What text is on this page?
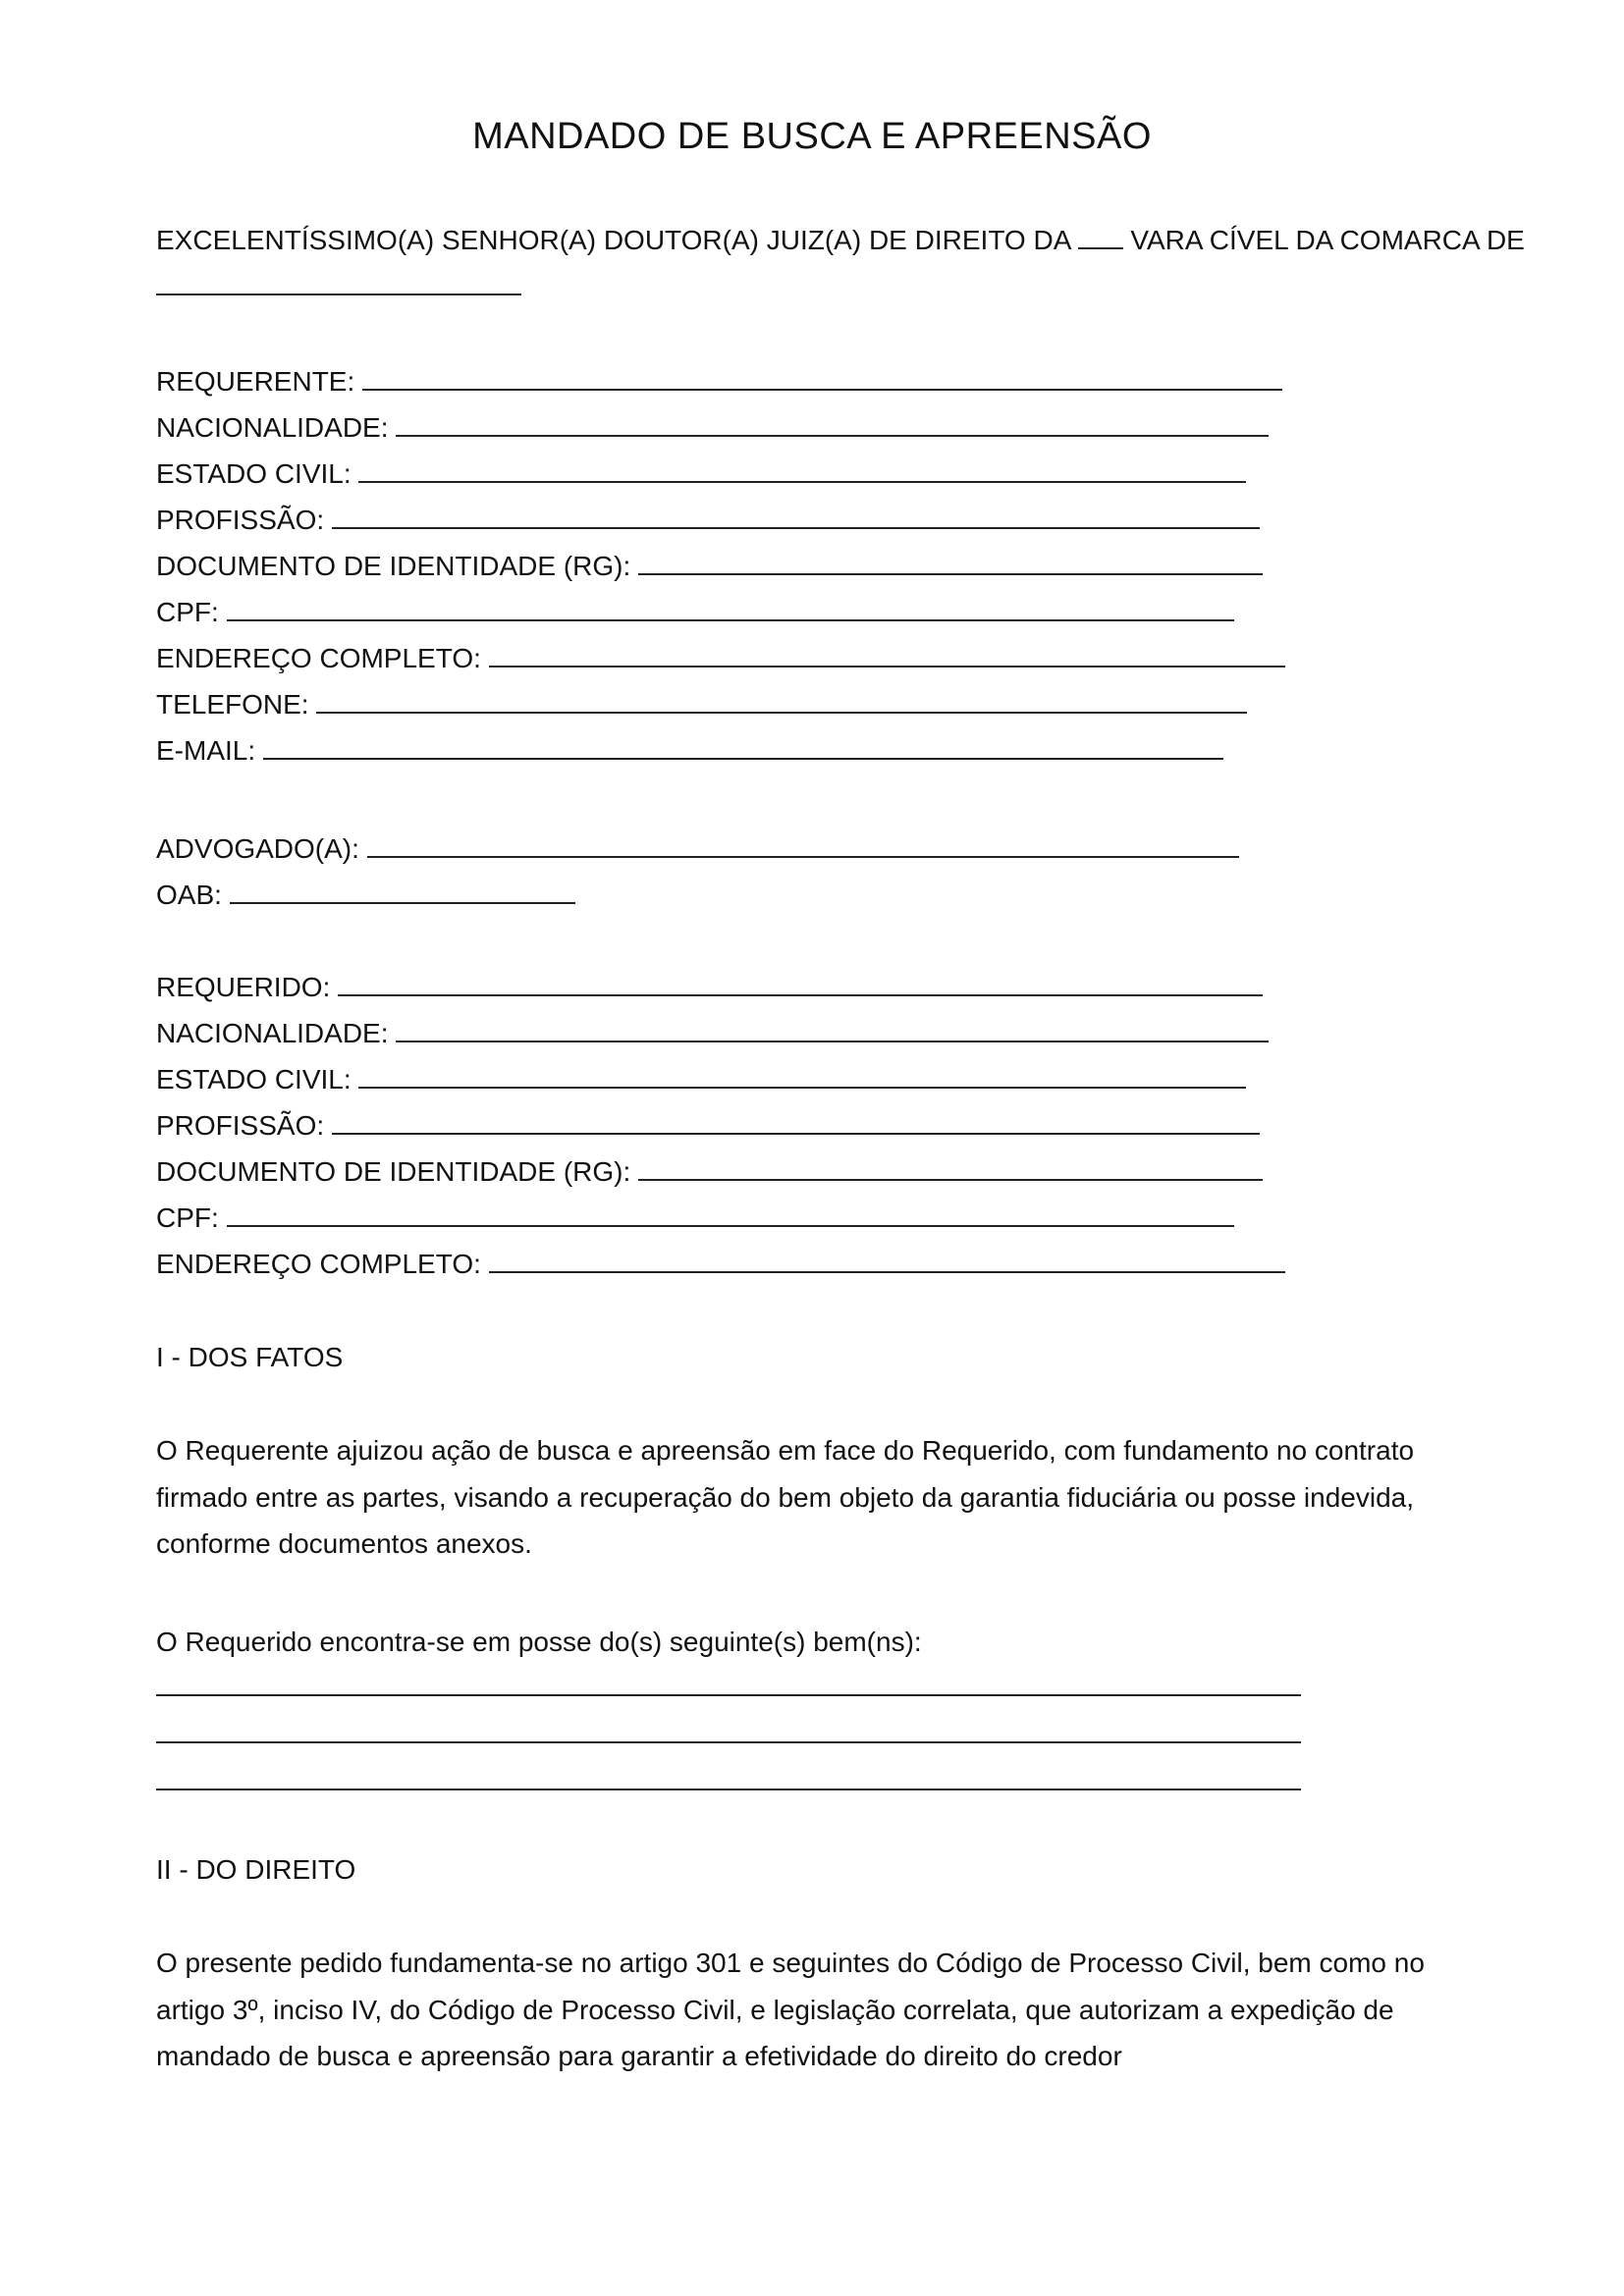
MANDADO DE BUSCA E APREENSÃO
EXCELENTÍSSIMO(A) SENHOR(A) DOUTOR(A) JUIZ(A) DE DIREITO DA VARA CÍVEL DA COMARCA DE
REQUERENTE:
NACIONALIDADE:
ESTADO CIVIL:
PROFISSÃO:
DOCUMENTO DE IDENTIDADE (RG):
CPF:
ENDEREÇO COMPLETO:
TELEFONE:
E-MAIL:
ADVOGADO(A):
OAB:
REQUERIDO:
NACIONALIDADE:
ESTADO CIVIL:
PROFISSÃO:
DOCUMENTO DE IDENTIDADE (RG):
CPF:
ENDEREÇO COMPLETO:
I - DOS FATOS

O Requerente ajuizou ação de busca e apreensão em face do Requerido, com fundamento no contrato firmado entre as partes, visando a recuperação do bem objeto da garantia fiduciária ou posse indevida, conforme documentos anexos.

O Requerido encontra-se em posse do(s) seguinte(s) bem(ns):
II - DO DIREITO

O presente pedido fundamenta-se no artigo 301 e seguintes do Código de Processo Civil, bem como no artigo 3º, inciso IV, do Código de Processo Civil, e legislação correlata, que autorizam a expedição de mandado de busca e apreensão para garantir a efetividade do direito do credor
